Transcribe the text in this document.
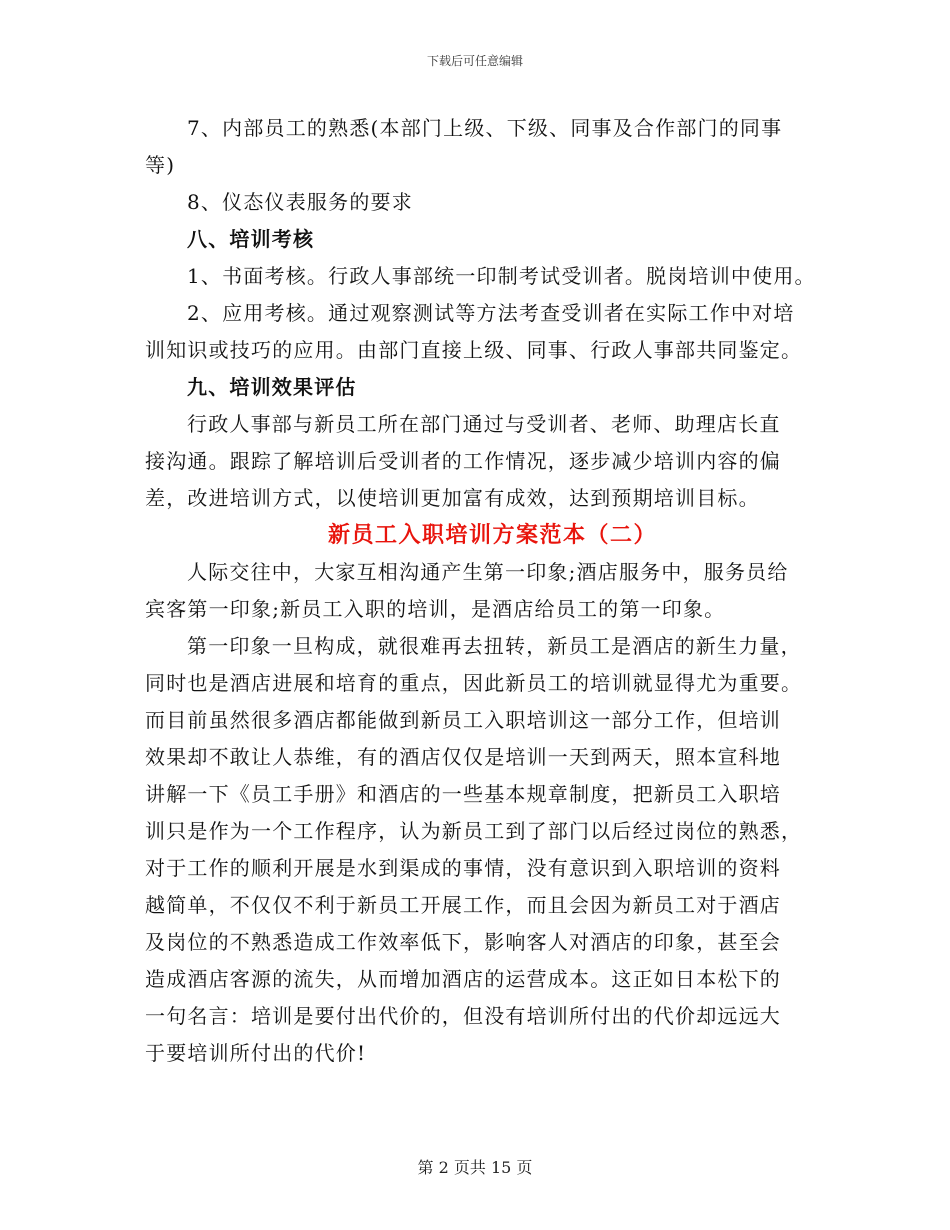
下载后可任意编辑
7、内部员工的熟悉(本部门上级、下级、同事及合作部门的同事
等)
8、仪态仪表服务的要求
八、培训考核
1、书面考核。行政人事部统一印制考试受训者。脱岗培训中使用。
2、应用考核。通过观察测试等方法考查受训者在实际工作中对培
训知识或技巧的应用。由部门直接上级、同事、行政人事部共同鉴定。
九、培训效果评估
行政人事部与新员工所在部门通过与受训者、老师、助理店长直
接沟通。跟踪了解培训后受训者的工作情况，逐步减少培训内容的偏
差，改进培训方式，以使培训更加富有成效，达到预期培训目标。
新员工入职培训方案范本（二）
人际交往中，大家互相沟通产生第一印象;酒店服务中，服务员给
宾客第一印象;新员工入职的培训，是酒店给员工的第一印象。
第一印象一旦构成，就很难再去扭转，新员工是酒店的新生力量，
同时也是酒店进展和培育的重点，因此新员工的培训就显得尤为重要。
而目前虽然很多酒店都能做到新员工入职培训这一部分工作，但培训
效果却不敢让人恭维，有的酒店仅仅是培训一天到两天，照本宣科地
讲解一下《员工手册》和酒店的一些基本规章制度，把新员工入职培
训只是作为一个工作程序，认为新员工到了部门以后经过岗位的熟悉，
对于工作的顺利开展是水到渠成的事情，没有意识到入职培训的资料
越简单，不仅仅不利于新员工开展工作，而且会因为新员工对于酒店
及岗位的不熟悉造成工作效率低下，影响客人对酒店的印象，甚至会
造成酒店客源的流失，从而增加酒店的运营成本。这正如日本松下的
一句名言：培训是要付出代价的，但没有培训所付出的代价却远远大
于要培训所付出的代价!
第 2 页共 15 页
